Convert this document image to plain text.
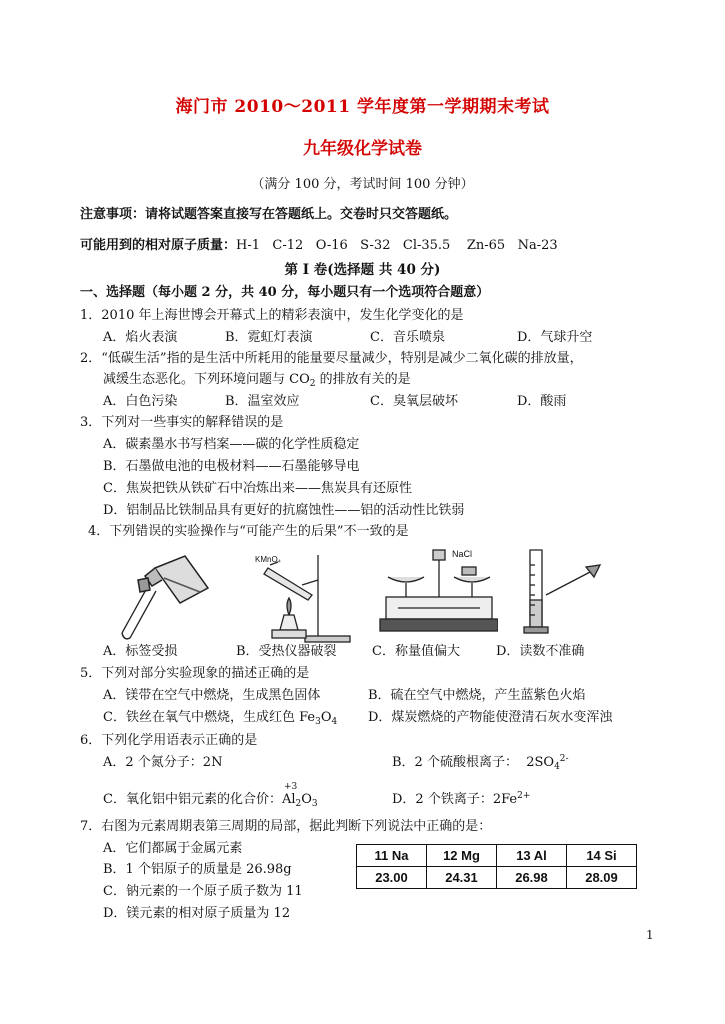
海门市 2010～2011 学年度第一学期期末考试
九年级化学试卷
（满分 100 分，考试时间 100 分钟）
注意事项：请将试题答案直接写在答题纸上。交卷时只交答题纸。
可能用到的相对原子质量：H-1   C-12   O-16   S-32   Cl-35.5    Zn-65   Na-23
第 I 卷(选择题 共 40 分)
一、选择题（每小题 2 分，共 40 分，每小题只有一个选项符合题意）
1．2010 年上海世博会开幕式上的精彩表演中，发生化学变化的是
A．焰火表演	B．霓虹灯表演	C．音乐喷泉	D．气球升空
2．“低碳生活”指的是生活中所耗用的能量要尽量减少，特别是减少二氧化碳的排放量，
减缓生态恶化。下列环境问题与 $CO_2$ 的排放有关的是
A．白色污染	B．温室效应	C．臭氧层破坏	D．酸雨
3．下列对一些事实的解释错误的是
A．碳素墨水书写档案——碳的化学性质稳定
B．石墨做电池的电极材料——石墨能够导电
C．焦炭把铁从铁矿石中冶炼出来——焦炭具有还原性
D．铝制品比铁制品具有更好的抗腐蚀性——铝的活动性比铁弱
4．下列错误的实验操作与“可能产生的后果”不一致的是
KMnO₄
NaCl
A．标签受损	B．受热仪器破裂	C．称量值偏大	D．读数不准确
5．下列对部分实验现象的描述正确的是
A．镁带在空气中燃烧，生成黑色固体	B．硫在空气中燃烧，产生蓝紫色火焰
C．铁丝在氧气中燃烧，生成红色 $Fe_3O_4$ D．煤炭燃烧的产物能使澄清石灰水变浑浊
6．下列化学用语表示正确的是
A．2 个氮分子：2N	B．2 个硫酸根离子：  $2SO_4^{2-}$
C．氧化铝中铝元素的化合价：
+3
$Al_2O_3$	D．2 个铁离子：$2Fe^{2+}$
7．右图为元素周期表第三周期的局部，据此判断下列说法中正确的是：
A．它们都属于金属元素
B．1 个铝原子的质量是 26.98g
C．钠元素的一个原子质子数为 11
D．镁元素的相对原子质量为 12
11 Na	12 Mg	13 Al	14 Si
23.00	24.31	26.98	28.09
1
